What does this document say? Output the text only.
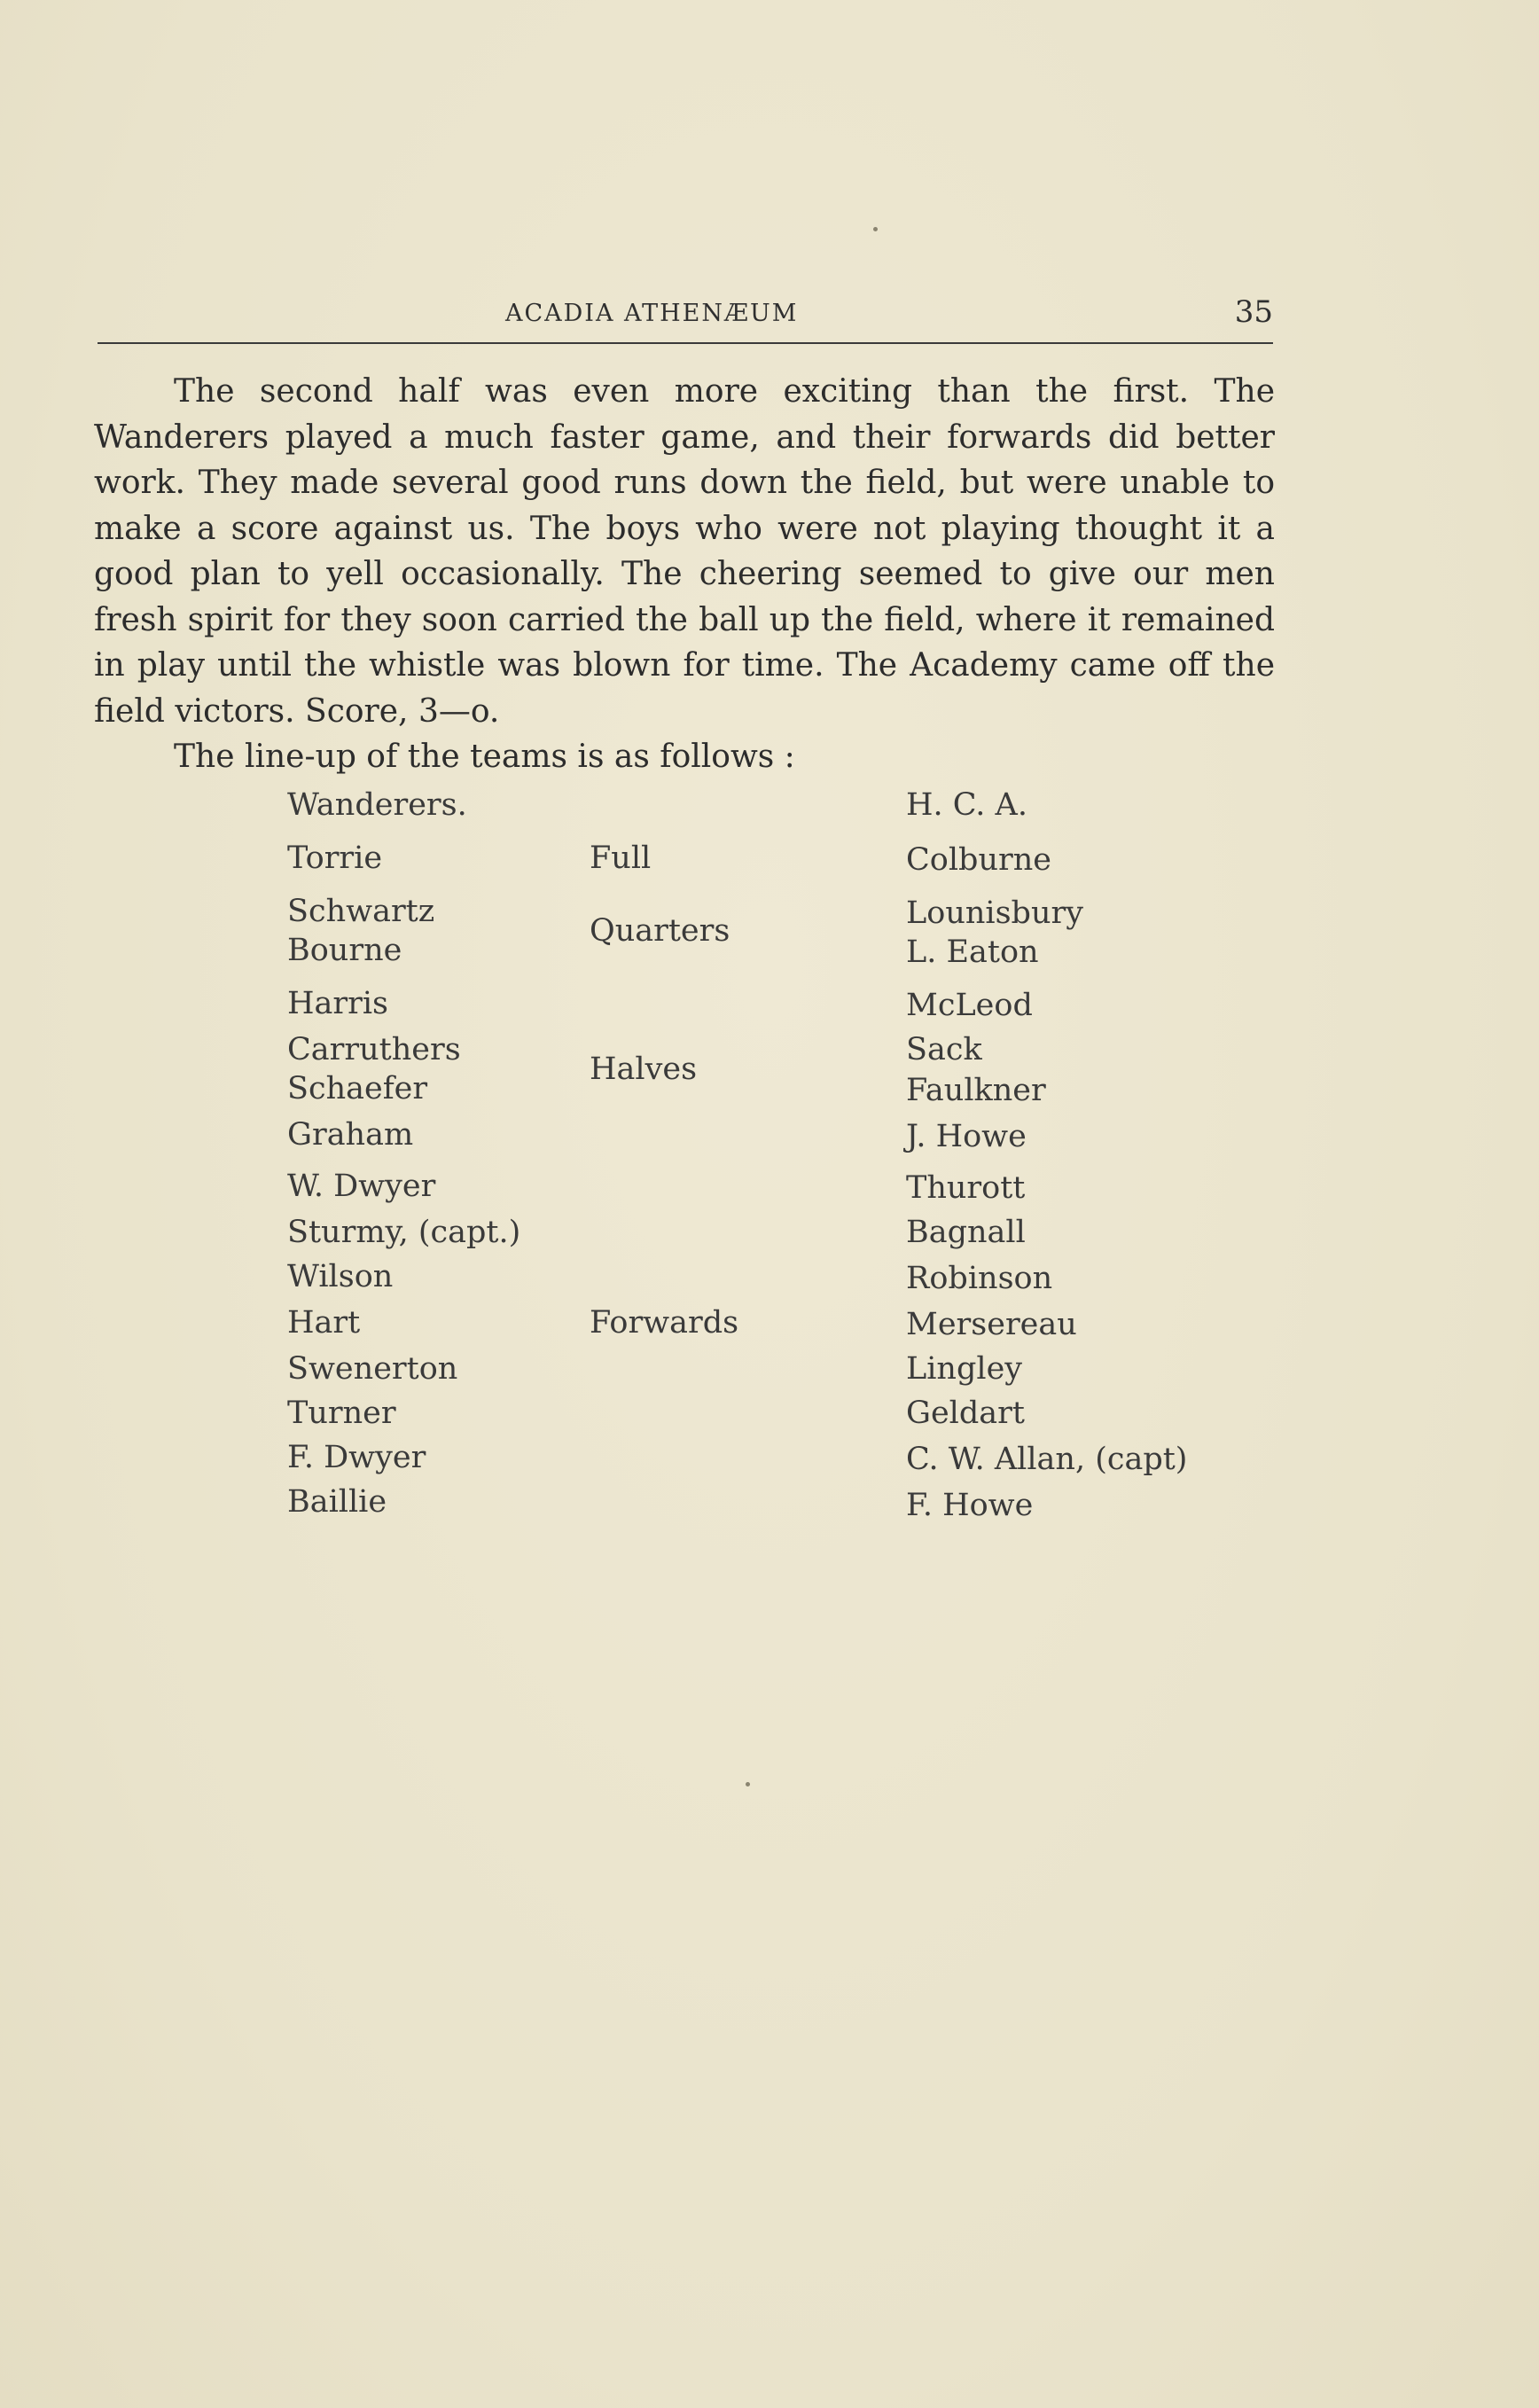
ACADIA ATHENÆUM	35

The second half was even more exciting than the first. The Wanderers played a much faster game, and their forwards did better work. They made several good runs down the field, but were unable to make a score against us. The boys who were not playing thought it a good plan to yell occasionally. The cheering seemed to give our men fresh spirit for they soon carried the ball up the field, where it remained in play until the whistle was blown for time. The Academy came off the field victors. Score, 3—o.

The line-up of the teams is as follows :

Wanderers.	H. C. A.
Full
Quarters
Halves
Forwards
Torrie
Schwartz
Bourne
Harris
Carruthers
Schaefer
Graham
W. Dwyer
Sturmy, (capt.)
Wilson
Hart
Swenerton
Turner
F. Dwyer
Baillie
Colburne
Lounisbury
L. Eaton
McLeod
Sack
Faulkner
J. Howe
Thurott
Bagnall
Robinson
Mersereau
Lingley
Geldart
C. W. Allan, (capt)
F. Howe
